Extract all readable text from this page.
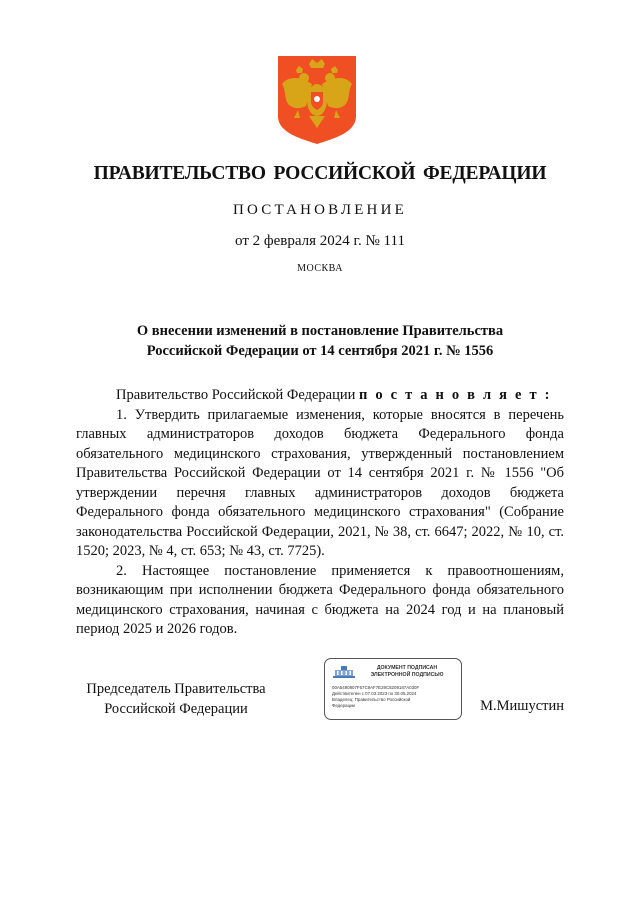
ПРАВИТЕЛЬСТВО РОССИЙСКОЙ ФЕДЕРАЦИИ
ПОСТАНОВЛЕНИЕ
от 2 февраля 2024 г. № 111
МОСКВА
О внесении изменений в постановление Правительства
Российской Федерации от 14 сентября 2021 г. № 1556

Правительство Российской Федерации п о с т а н о в л я е т :

1. Утвердить прилагаемые изменения, которые вносятся в перечень главных администраторов доходов бюджета Федерального фонда обязательного медицинского страхования, утвержденный постановлением Правительства Российской Федерации от 14 сентября 2021 г. № 1556 "Об утверждении перечня главных администраторов доходов бюджета Федерального фонда обязательного медицинского страхования" (Собрание законодательства Российской Федерации, 2021, № 38, ст. 6647; 2022, № 10, ст. 1520; 2023, № 4, ст. 653; № 43, ст. 7725).

2. Настоящее постановление применяется к правоотношениям, возникающим при исполнении бюджета Федерального фонда обязательного медицинского страхования, начиная с бюджета на 2024 год и на плановый период 2025 и 2026 годов.

Председатель Правительства
Российской Федерации
ДОКУМЕНТ ПОДПИСАН
ЭЛЕКТРОННОЙ ПОДПИСЬЮ
00A5490807F67C9AF7E29C8209187A030F
Действителен с 07.03.2023 по 30.05.2024
Владелец: Правительство Российской
Федерации	М.Мишустин
